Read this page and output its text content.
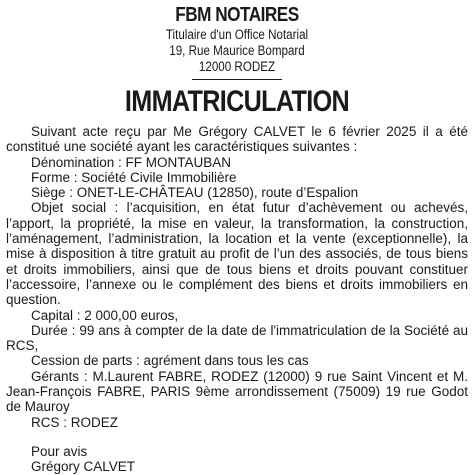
FBM NOTAIRES
Titulaire d'un Office Notarial
19, Rue Maurice Bompard
12000 RODEZ
IMMATRICULATION

Suivant acte reçu par Me Grégory CALVET le 6 février 2025 il a été constitué une société ayant les caractéristiques suivantes :

Dénomination : FF MONTAUBAN

Forme : Société Civile Immobilière

Siège : ONET-LE-CHÂTEAU (12850), route d’Espalion

Objet social : l’acquisition, en état futur d’achèvement ou achevés, l’apport, la propriété, la mise en valeur, la transformation, la construction, l’aménagement, l’administration, la location et la vente (exceptionnelle), la mise à disposition à titre gratuit au profit de l’un des associés, de tous biens et droits immobiliers, ainsi que de tous biens et droits pouvant constituer l’accessoire, l’annexe ou le complément des biens et droits immobiliers en question.

Capital : 2 000,00 euros,

Durée : 99 ans à compter de la date de l'immatriculation de la Société au RCS,

Cession de parts : agrément dans tous les cas

Gérants : M.Laurent FABRE, RODEZ (12000) 9 rue Saint Vincent et M. Jean-François FABRE, PARIS 9ème arrondissement (75009) 19 rue Godot de Mauroy

RCS : RODEZ

Pour avis

Grégory CALVET
